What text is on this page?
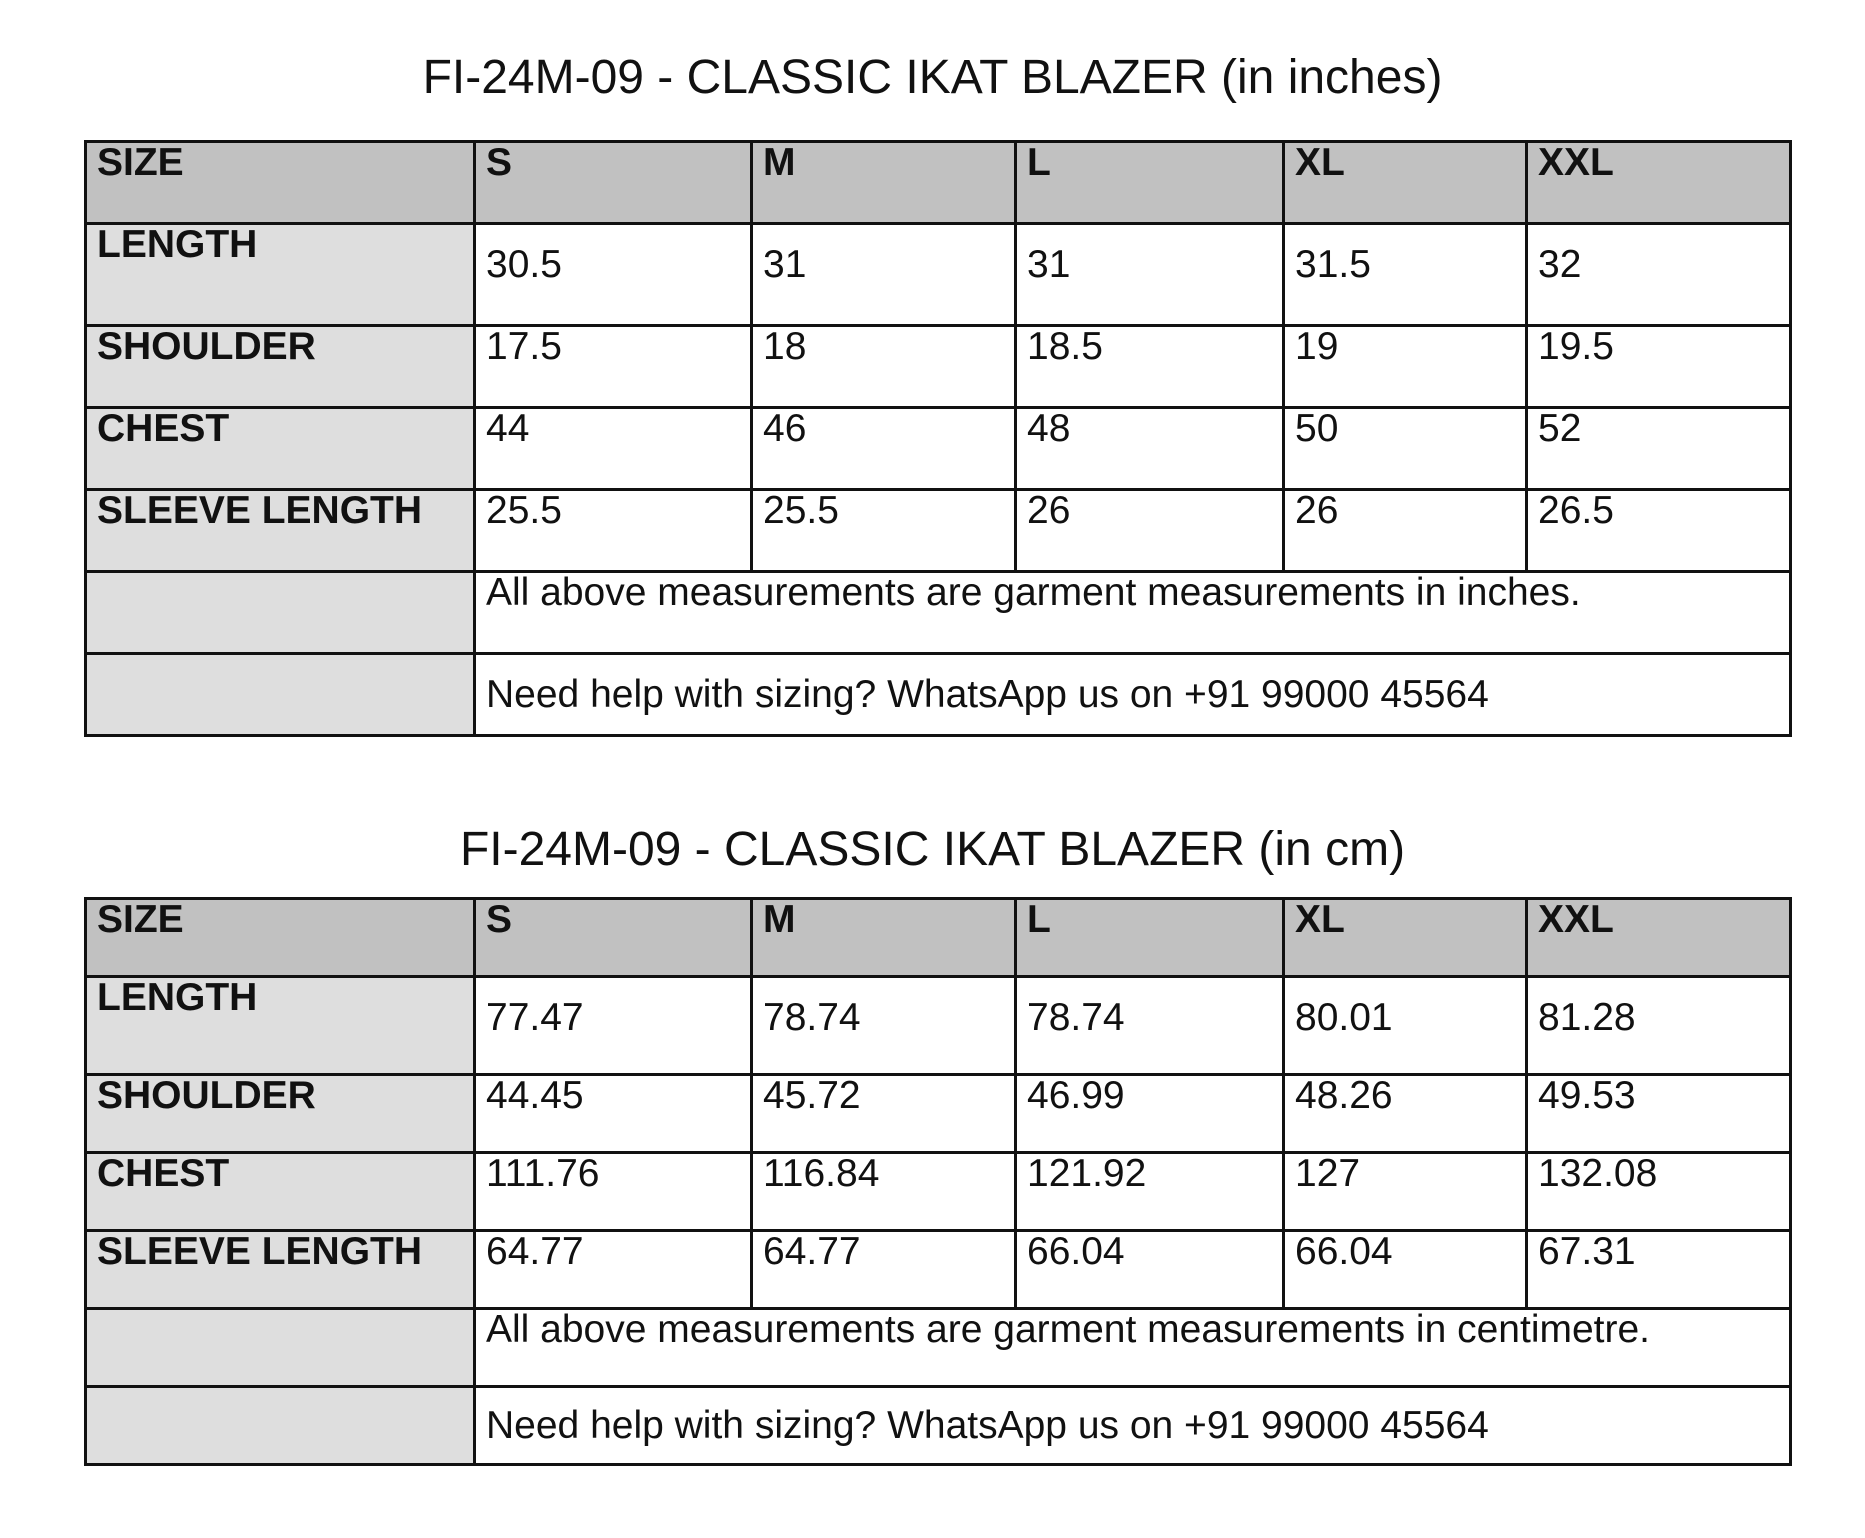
FI-24M-09 - CLASSIC IKAT BLAZER (in inches)
SIZE	S	M	L	XL	XXL
LENGTH	30.5	31	31	31.5	32
SHOULDER	17.5	18	18.5	19	19.5
CHEST	44	46	48	50	52
SLEEVE LENGTH	25.5	25.5	26	26	26.5
	All above measurements are garment measurements in inches.				
	Need help with sizing? WhatsApp us on +91 99000 45564				
FI-24M-09 - CLASSIC IKAT BLAZER (in cm)
SIZE	S	M	L	XL	XXL
LENGTH	77.47	78.74	78.74	80.01	81.28
SHOULDER	44.45	45.72	46.99	48.26	49.53
CHEST	111.76	116.84	121.92	127	132.08
SLEEVE LENGTH	64.77	64.77	66.04	66.04	67.31
	All above measurements are garment measurements in centimetre.				
	Need help with sizing? WhatsApp us on +91 99000 45564				
